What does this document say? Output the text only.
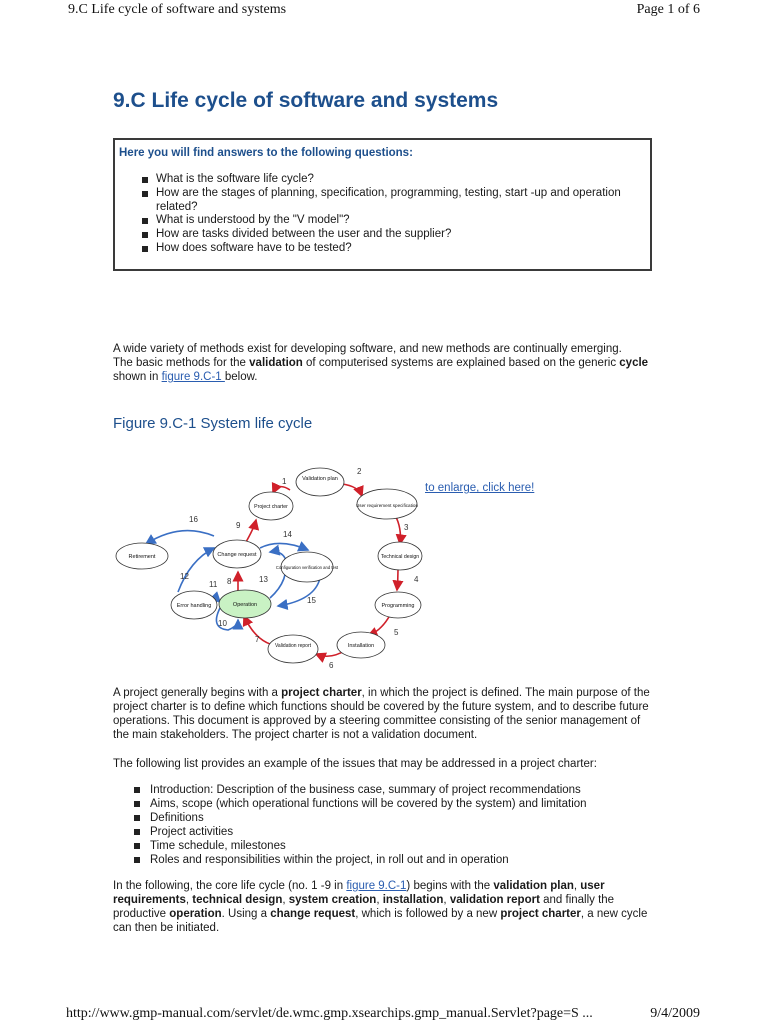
9.C Life cycle of software and systems	Page 1 of 6
9.C Life cycle of software and systems
Here you will find answers to the following questions:
What is the software life cycle?
How are the stages of planning, specification, programming, testing, start -up and operation related?
What is understood by the "V model"?
How are tasks divided between the user and the supplier?
How does software have to be tested?

A wide variety of methods exist for developing software, and new methods are continually emerging.
The basic methods for the validation of computerised systems are explained based on the generic cycle shown in figure 9.C-1 below.

Figure 9.C-1 System life cycle
to enlarge, click here!
Validation plan
User requirement specification
Technical design
Programming
Installation
Validation report
Operation
Error handling
Change request
Project charter
Retirement
Configuration verification and test
1
2
3
4
5
6
7
8
9
10
11
12	13
14
15
16

A project generally begins with a project charter, in which the project is defined. The main purpose of the project charter is to define which functions should be covered by the future system, and to describe future operations. This document is approved by a steering committee consisting of the senior management of the main stakeholders. The project charter is not a validation document.

The following list provides an example of the issues that may be addressed in a project charter:

Introduction: Description of the business case, summary of project recommendations
Aims, scope (which operational functions will be covered by the system) and limitation
Definitions
Project activities
Time schedule, milestones
Roles and responsibilities within the project, in roll out and in operation

In the following, the core life cycle (no. 1 -9 in figure 9.C-1) begins with the validation plan, user requirements, technical design, system creation, installation, validation report and finally the productive operation. Using a change request, which is followed by a new project charter, a new cycle can then be initiated.

http://www.gmp-manual.com/servlet/de.wmc.gmp.xsearchips.gmp_manual.Servlet?page=S ...	9/4/2009
